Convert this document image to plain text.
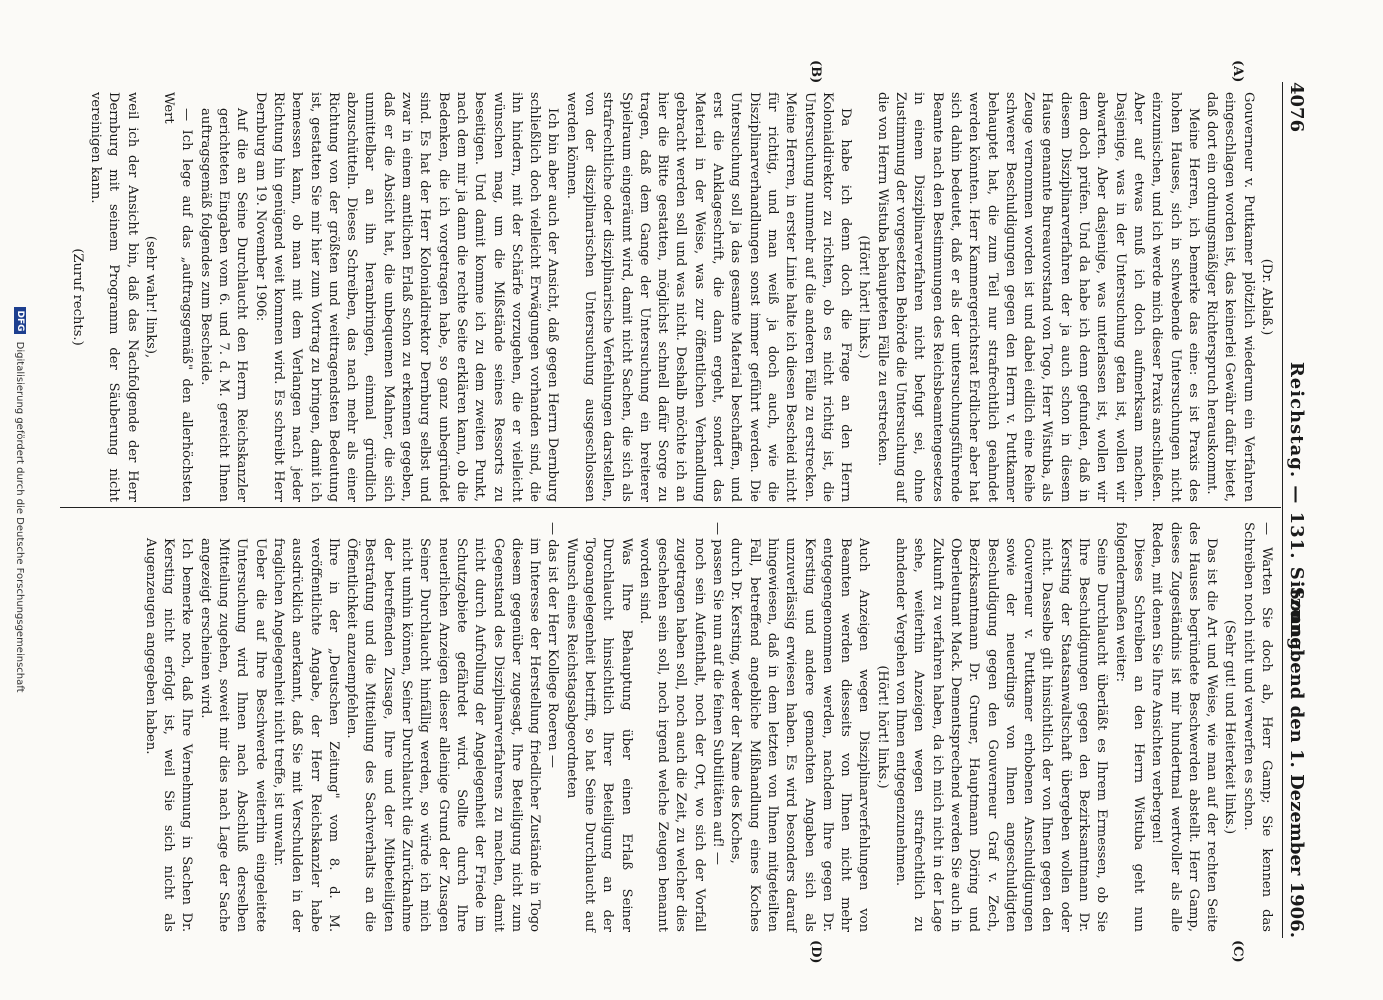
4076
Reichstag. — 131. Sitzung.
Sonnabend den 1. Dezember 1906.
(A)
(B)
(C)
(D)

(Dr. Ablaß.)

Gouverneur v. Puttkamer plötzlich wiederum ein Verfahren eingeschlagen worden ist, das keinerlei Gewähr dafür bietet, daß dort ein ordnungsmäßiger Richterspruch herauskommt.

Meine Herren, ich bemerke das eine: es ist Praxis des hohen Hauses, sich in schwebende Untersuchungen nicht einzumischen, und ich werde mich dieser Praxis anschließen. Aber auf etwas muß ich doch aufmerksam machen. Dasjenige, was in der Untersuchung getan ist, wollen wir abwarten. Aber dasjenige, was unterlassen ist, wollen wir dem doch prüfen. Und da habe ich denn gefunden, daß in diesem Disziplinarverfahren der ja auch schon in diesem Hause genannte Bureauvorstand von Togo, Herr Wistuba, als Zeuge vernommen worden ist und dabei eidlich eine Reihe schwerer Beschuldigungen gegen den Herrn v. Puttkamer behauptet hat, die zum Teil nur strafrechtlich geahndet werden könnten. Herr Kammergerichtsrat Erdlicher aber hat sich dahin bedeutet, daß er als der untersuchungsführende Beamte nach den Bestimmungen des Reichsbeamtengesetzes in einem Disziplinarverfahren nicht befugt sei, ohne Zustimmung der vorgesetzten Behörde die Untersuchung auf die von Herrn Wistuba behaupteten Fälle zu erstrecken.

(Hört! hört! links.)

Da habe ich denn doch die Frage an den Herrn Kolonialdirektor zu richten, ob es nicht richtig ist, die Untersuchung nunmehr auf die anderen Fälle zu erstrecken. Meine Herren, in erster Linie halte ich diesen Bescheid nicht für richtig, und man weiß ja doch auch, wie die Disziplinarverhandlungen sonst immer geführt werden. Die Untersuchung soll ja das gesamte Material beschaffen, und erst die Anklageschrift, die dann ergeht, sondert das Material in der Weise, was zur öffentlichen Verhandlung gebracht werden soll und was nicht. Deshalb möchte ich an hier die Bitte gestatten, möglichst schnell dafür Sorge zu tragen, daß dem Gange der Untersuchung ein breiterer Spielraum eingeräumt wird, damit nicht Sachen, die sich als strafrechtliche oder disziplinarische Verfehlungen darstellen, von der disziplinarischen Untersuchung ausgeschlossen werden können.

Ich bin aber auch der Ansicht, daß gegen Herrn Dernburg schließlich doch vielleicht Erwägungen vorhanden sind, die ihn hindern, mit der Schärfe vorzugehen, die er vielleicht wünschen mag, um die Mißstände seines Ressorts zu beseitigen. Und damit komme ich zu dem zweiten Punkt, nach dem mir ja dann die rechte Seite erklären kann, ob die Bedenken, die ich vorgetragen habe, so ganz unbegründet sind. Es hat der Herr Kolonialdirektor Dernburg selbst und zwar in einem amtlichen Erlaß schon zu erkennen gegeben, daß er die Absicht hat, die unbequemen Mahner, die sich unmittelbar an ihn heranbringen, einmal gründlich abzuschütteln. Dieses Schreiben, das nach mehr als einer Richtung von der größten und weittragendsten Bedeutung ist, gestatten Sie mir hier zum Vortrag zu bringen, damit ich bemessen kann, ob man mit dem Verlangen nach jeder Richtung hin genügend weit kommen wird. Es schreibt Herr Dernburg am 19. November 1906:

Auf die an Seine Durchlaucht den Herrn Reichskanzler gerichteten Eingaben vom 6. und 7. d. M. gereicht Ihnen auftragsgemäß folgendes zum Bescheide.

— Ich lege auf das „auftragsgemäß" den allerhöchsten Wert

(sehr wahr! links),

weil ich der Ansicht bin, daß das Nachfolgende der Herr Dernburg mit seinem Programm der Säuberung nicht vereinigen kann.

(Zuruf rechts.)

— Warten Sie doch ab, Herr Gamp; Sie kennen das Schreiben noch nicht und verwerfen es schon.

(Sehr gut! und Heiterkeit links.)

Das ist die Art und Weise, wie man auf der rechten Seite des Hauses begründete Beschwerden abstellt. Herr Gamp, dieses Zugeständnis ist mir hundertmal wertvoller als alle Reden, mit denen Sie Ihre Ansichten verbergen!

Dieses Schreiben an den Herrn Wistuba geht nun folgendermaßen weiter:

Seine Durchlaucht überläßt es Ihrem Ermessen, ob Sie Ihre Beschuldigungen gegen den Bezirksamtmann Dr. Kersting der Staatsanwaltschaft übergeben wollen oder nicht. Dasselbe gilt hinsichtlich der von Ihnen gegen den Gouverneur v. Puttkamer erhobenen Anschuldigungen sowie der neuerdings von Ihnen angeschuldigten Beschuldigung gegen den Gouverneur Graf v. Zech, Bezirksamtmann Dr. Gruner, Hauptmann Döring und Oberleutnant Mack. Dementsprechend werden Sie auch in Zukunft zu verfahren haben, da ich mich nicht in der Lage sehe, weiterhin Anzeigen wegen strafrechtlich zu ahndender Vergehen von Ihnen entgegenzunehmen.

(Hört! hört! links.)

Auch Anzeigen wegen Disziplinarverfehlungen von Beamten werden diesseits von Ihnen nicht mehr entgegengenommen werden, nachdem Ihre gegen Dr. Kersting und andere gemachten Angaben sich als unzuverlässig erwiesen haben. Es wird besonders darauf hingewiesen, daß in dem letzten von Ihnen mitgeteilten Fall, betreffend angebliche Mißhandlung eines Koches durch Dr. Kersting, weder der Name des Koches,

— passen Sie nun auf die feinen Subtilitäten auf! —

noch sein Aufenthalt, noch der Ort, wo sich der Vorfall zugetragen haben soll, noch auch die Zeit, zu welcher dies geschehen sein soll, noch irgend welche Zeugen benannt worden sind.

Was Ihre Behauptung über einen Erlaß Seiner Durchlaucht hinsichtlich Ihrer Beteiligung an der Togoangelegenheit betrifft, so hat Seine Durchlaucht auf Wunsch eines Reichstagsabgeordneten

— das ist der Herr Kollege Roeren —

im Interesse der Herstellung friedlicher Zustände in Togo diesem gegenüber zugesagt, Ihre Beteiligung nicht zum Gegenstand des Disziplinarverfahrens zu machen, damit nicht durch Aufrollung der Angelegenheit der Friede im Schutzgebiete gefährdet wird. Sollte durch Ihre neuerlichen Anzeigen dieser alleinige Grund der Zusagen Seiner Durchlaucht hinfällig werden, so würde ich mich nicht umhin können, Seiner Durchlaucht die Zurücknahme der betreffenden Zusage, Ihre und der Mitbeteiligten Bestrafung und die Mitteilung des Sachverhalts an die Öffentlichkeit anzuempfehlen.

Ihre in der „Deutschen Zeitung" vom 8. d. M. veröffentlichte Angabe, der Herr Reichskanzler habe ausdrücklich anerkannt, daß Sie mit Verschulden in der fraglichen Angelegenheit nicht treffe, ist unwahr.

Ueber die auf Ihre Beschwerde weiterhin eingeleitete Untersuchung wird Ihnen nach Abschluß derselben Mitteilung zugehen, soweit mir dies nach Lage der Sache angezeigt erscheinen wird.

Ich bemerke noch, daß Ihre Vernehmung in Sachen Dr. Kersting nicht erfolgt ist, weil Sie sich nicht als Augenzeugen angegeben haben.

DFG Digitalisierung gefördert durch die Deutsche Forschungsgemeinschaft
